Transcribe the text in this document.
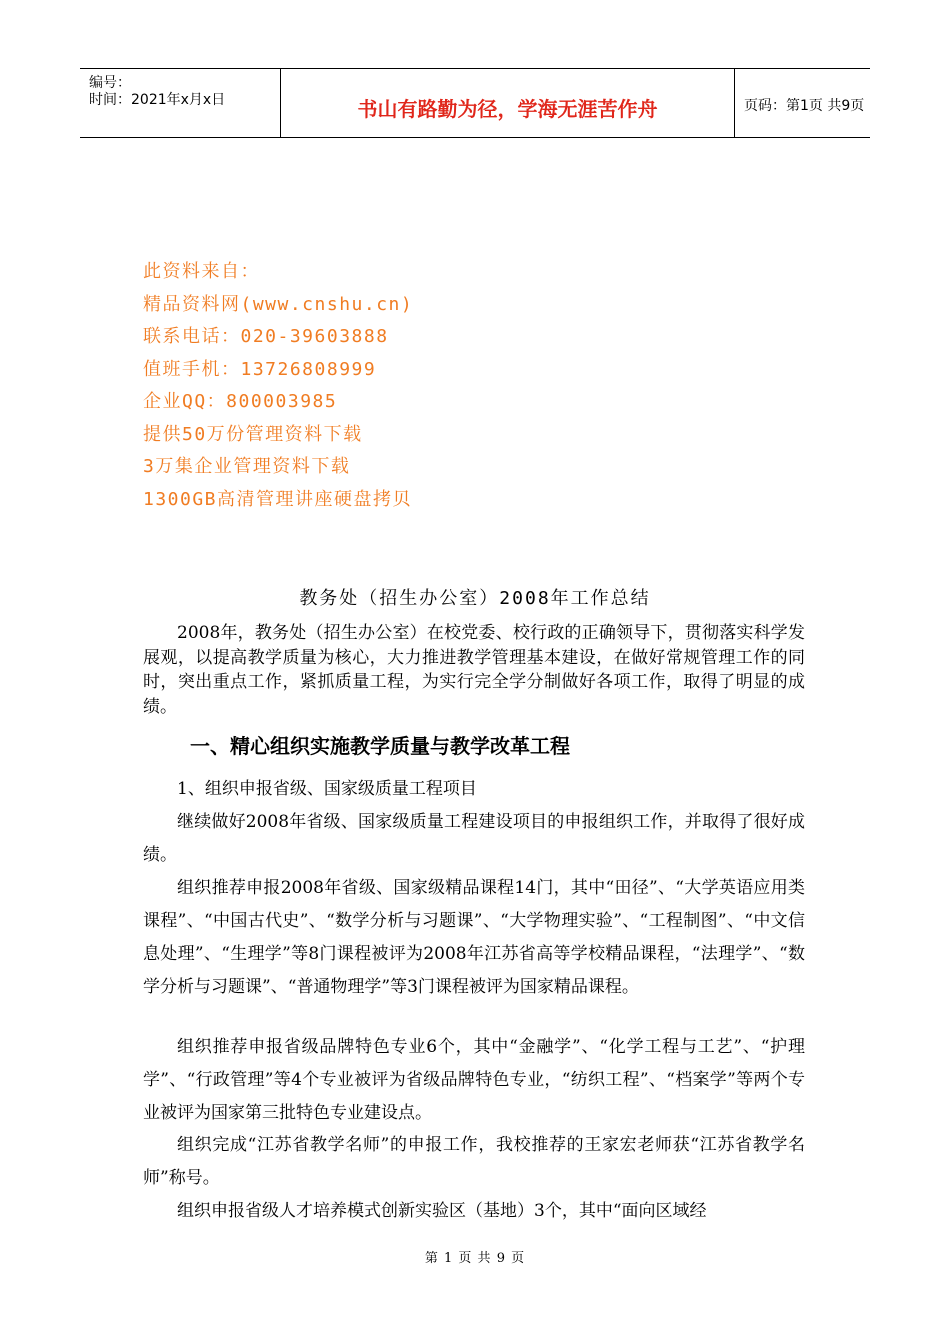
编号：
时间：2021年x月x日	书山有路勤为径，学海无涯苦作舟	页码：第1页 共9页
此资料来自：
精品资料网(www.cnshu.cn)
联系电话：020-39603888
值班手机：13726808999
企业QQ：800003985
提供50万份管理资料下载
3万集企业管理资料下载
1300GB高清管理讲座硬盘拷贝
教务处（招生办公室）2008年工作总结
2008年，教务处（招生办公室）在校党委、校行政的正确领导下，贯彻落实科学发展观，以提高教学质量为核心，大力推进教学管理基本建设，在做好常规管理工作的同时，突出重点工作，紧抓质量工程，为实行完全学分制做好各项工作，取得了明显的成绩。
一、精心组织实施教学质量与教学改革工程
1、组织申报省级、国家级质量工程项目
继续做好2008年省级、国家级质量工程建设项目的申报组织工作，并取得了很好成绩。
组织推荐申报2008年省级、国家级精品课程14门，其中“田径”、“大学英语应用类课程”、“中国古代史”、“数学分析与习题课”、“大学物理实验”、“工程制图”、“中文信息处理”、“生理学”等8门课程被评为2008年江苏省高等学校精品课程，“法理学”、“数学分析与习题课”、“普通物理学”等3门课程被评为国家精品课程。
组织推荐申报省级品牌特色专业6个，其中“金融学”、“化学工程与工艺”、“护理学”、“行政管理”等4个专业被评为省级品牌特色专业，“纺织工程”、“档案学”等两个专业被评为国家第三批特色专业建设点。
组织完成“江苏省教学名师”的申报工作，我校推荐的王家宏老师获“江苏省教学名师”称号。
组织申报省级人才培养模式创新实验区（基地）3个，其中“面向区域经
第 1 页 共 9 页
